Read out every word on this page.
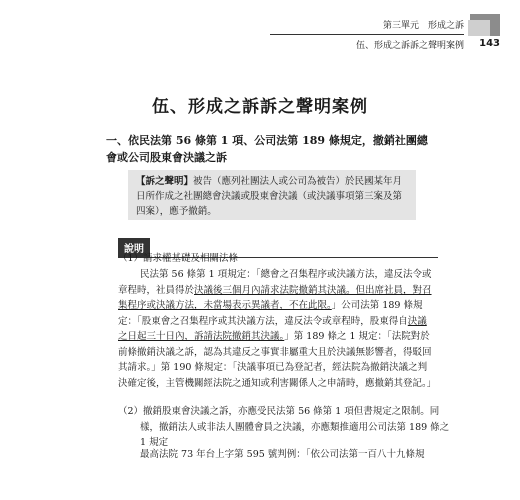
第三單元　形成之訴
伍、形成之訴訴之聲明案例	143
伍、形成之訴訴之聲明案例
一、依民法第 56 條第 1 項、公司法第 189 條規定，撤銷社團總會或公司股東會決議之訴
【訴之聲明】被告（應列社團法人或公司為被告）於民國某年月日所作成之社團總會決議或股東會決議（或決議事項第三案及第四案），應予撤銷。
說明
（1）請求權基礎及相關法條
民法第 56 條第 1 項規定：「總會之召集程序或決議方法，違反法令或章程時，社員得於決議後三個月內請求法院撤銷其決議。但出席社員，對召集程序或決議方法，未當場表示異議者，不在此限。」公司法第 189 條規定：「股東會之召集程序或其決議方法，違反法令或章程時，股東得自決議之日起三十日內，訴請法院撤銷其決議。」第 189 條之 1 規定：「法院對於前條撤銷決議之訴，認為其違反之事實非屬重大且於決議無影響者，得駁回其請求。」第 190 條規定：「決議事項已為登記者，經法院為撤銷決議之判決確定後，主管機關經法院之通知或利害關係人之申請時，應撤銷其登記。」
（2）撤銷股東會決議之訴，亦應受民法第 56 條第 1 項但書規定之限制。同樣，撤銷法人或非法人團體會員之決議，亦應類推適用公司法第 189 條之 1 規定
最高法院 73 年台上字第 595 號判例：「依公司法第一百八十九條規
